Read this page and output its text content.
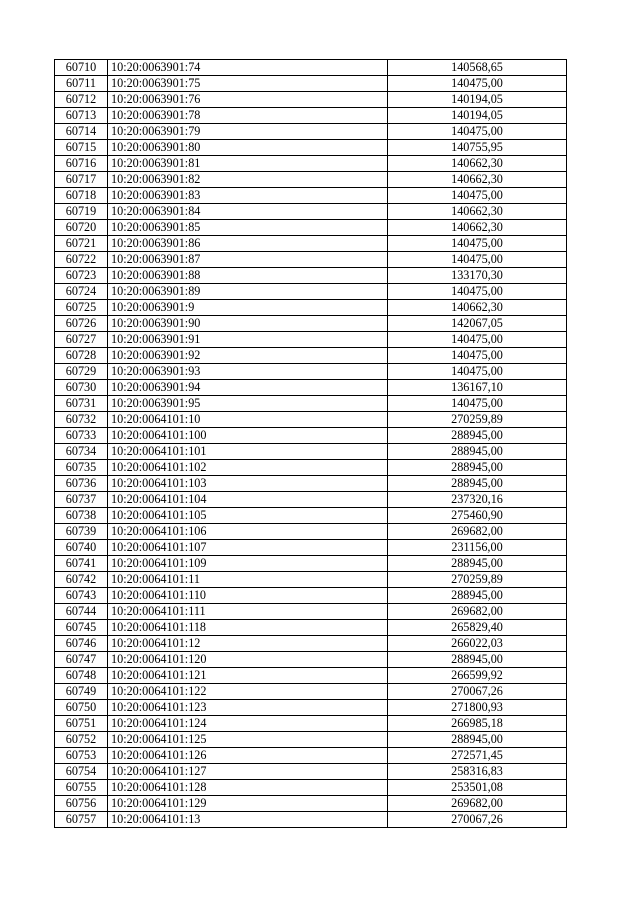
60710	10:20:0063901:74	140568,65
60711	10:20:0063901:75	140475,00
60712	10:20:0063901:76	140194,05
60713	10:20:0063901:78	140194,05
60714	10:20:0063901:79	140475,00
60715	10:20:0063901:80	140755,95
60716	10:20:0063901:81	140662,30
60717	10:20:0063901:82	140662,30
60718	10:20:0063901:83	140475,00
60719	10:20:0063901:84	140662,30
60720	10:20:0063901:85	140662,30
60721	10:20:0063901:86	140475,00
60722	10:20:0063901:87	140475,00
60723	10:20:0063901:88	133170,30
60724	10:20:0063901:89	140475,00
60725	10:20:0063901:9	140662,30
60726	10:20:0063901:90	142067,05
60727	10:20:0063901:91	140475,00
60728	10:20:0063901:92	140475,00
60729	10:20:0063901:93	140475,00
60730	10:20:0063901:94	136167,10
60731	10:20:0063901:95	140475,00
60732	10:20:0064101:10	270259,89
60733	10:20:0064101:100	288945,00
60734	10:20:0064101:101	288945,00
60735	10:20:0064101:102	288945,00
60736	10:20:0064101:103	288945,00
60737	10:20:0064101:104	237320,16
60738	10:20:0064101:105	275460,90
60739	10:20:0064101:106	269682,00
60740	10:20:0064101:107	231156,00
60741	10:20:0064101:109	288945,00
60742	10:20:0064101:11	270259,89
60743	10:20:0064101:110	288945,00
60744	10:20:0064101:111	269682,00
60745	10:20:0064101:118	265829,40
60746	10:20:0064101:12	266022,03
60747	10:20:0064101:120	288945,00
60748	10:20:0064101:121	266599,92
60749	10:20:0064101:122	270067,26
60750	10:20:0064101:123	271800,93
60751	10:20:0064101:124	266985,18
60752	10:20:0064101:125	288945,00
60753	10:20:0064101:126	272571,45
60754	10:20:0064101:127	258316,83
60755	10:20:0064101:128	253501,08
60756	10:20:0064101:129	269682,00
60757	10:20:0064101:13	270067,26
